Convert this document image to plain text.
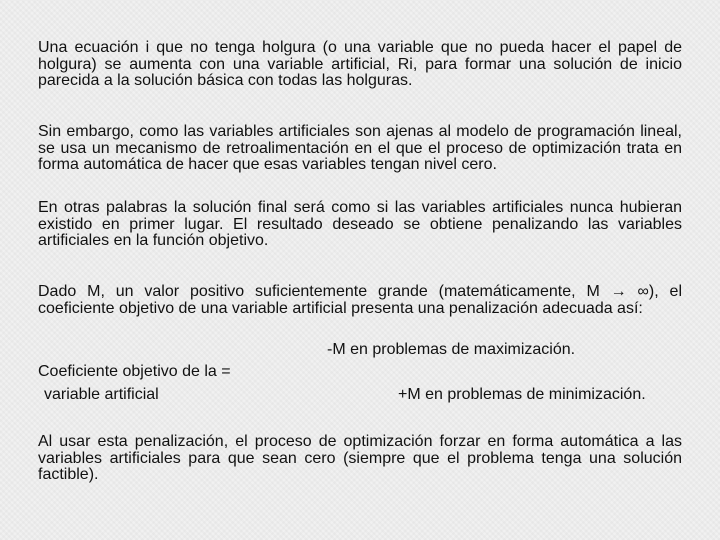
Una ecuación i que no tenga holgura (o una variable que no pueda hacer el papel de holgura) se aumenta con una variable artificial, Ri, para formar una solución de inicio parecida a la solución básica con todas las holguras.

Sin embargo, como las variables artificiales son ajenas al modelo de programación lineal, se usa un mecanismo de retroalimentación en el que el proceso de optimización trata en forma automática de hacer que esas variables tengan nivel cero.

En otras palabras la solución final será como si las variables artificiales nunca hubieran existido en primer lugar. El resultado deseado se obtiene penalizando las variables artificiales en la función objetivo.

Dado M, un valor positivo suficientemente grande (matemáticamente, M → ∞), el coeficiente objetivo de una variable artificial presenta una penalización adecuada así:

-M en problemas de maximización.

Coeficiente objetivo de la =

variable artificial	+M en problemas de minimización.

Al usar esta penalización, el proceso de optimización forzar en forma automática a las variables artificiales para que sean cero (siempre que el problema tenga una solución factible).
